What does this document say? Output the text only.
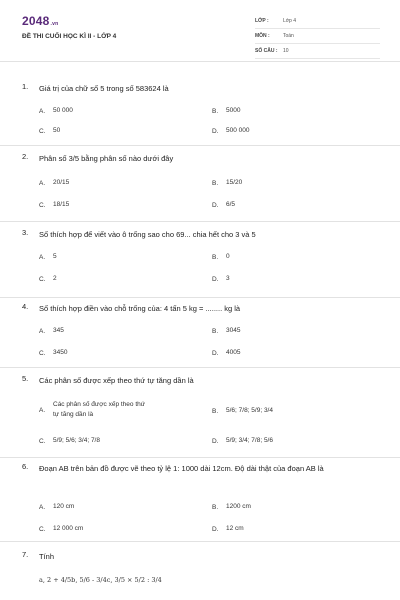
2048.vn
ĐỀ THI CUỐI HỌC KÌ II - LỚP 4
LỚP :	Lớp 4
MÔN :	Toán
SỐ CÂU :	10
1.	Giá trị của chữ số 5 trong số 583624 là
A.	50 000	B.	5000
C.	50	D.	500 000
2.	Phân số 3/5 bằng phân số nào dưới đây
A.	20/15	B.	15/20
C.	18/15	D.	6/5
3.	Số thích hợp để viết vào ô trống sao cho 69... chia hết cho 3 và 5
A.	5	B.	0
C.	2	D.	3
4.	Số thích hợp điền vào chỗ trống của: 4 tấn 5 kg = ........ kg là
A.	345	B.	3045
C.	3450	D.	4005
5.	Các phân số được xếp theo thứ tự tăng dần là
A.
Các phân số được xếp theo thứ tự tăng dần là	B.	5/6; 7/8; 5/9; 3/4
C.	5/9; 5/6; 3/4; 7/8	D.	5/9; 3/4; 7/8; 5/6
6.	Đoạn AB trên bản đồ được vẽ theo tỷ lệ 1: 1000 dài 12cm. Độ dài thật của đoạn AB là
A.	120 cm	B.	1200 cm
C.	12 000 cm	D.	12 cm
7.	Tính
a, 2 + 4/5b, 5/6 - 3/4c, 3/5 × 5/2 : 3/4
